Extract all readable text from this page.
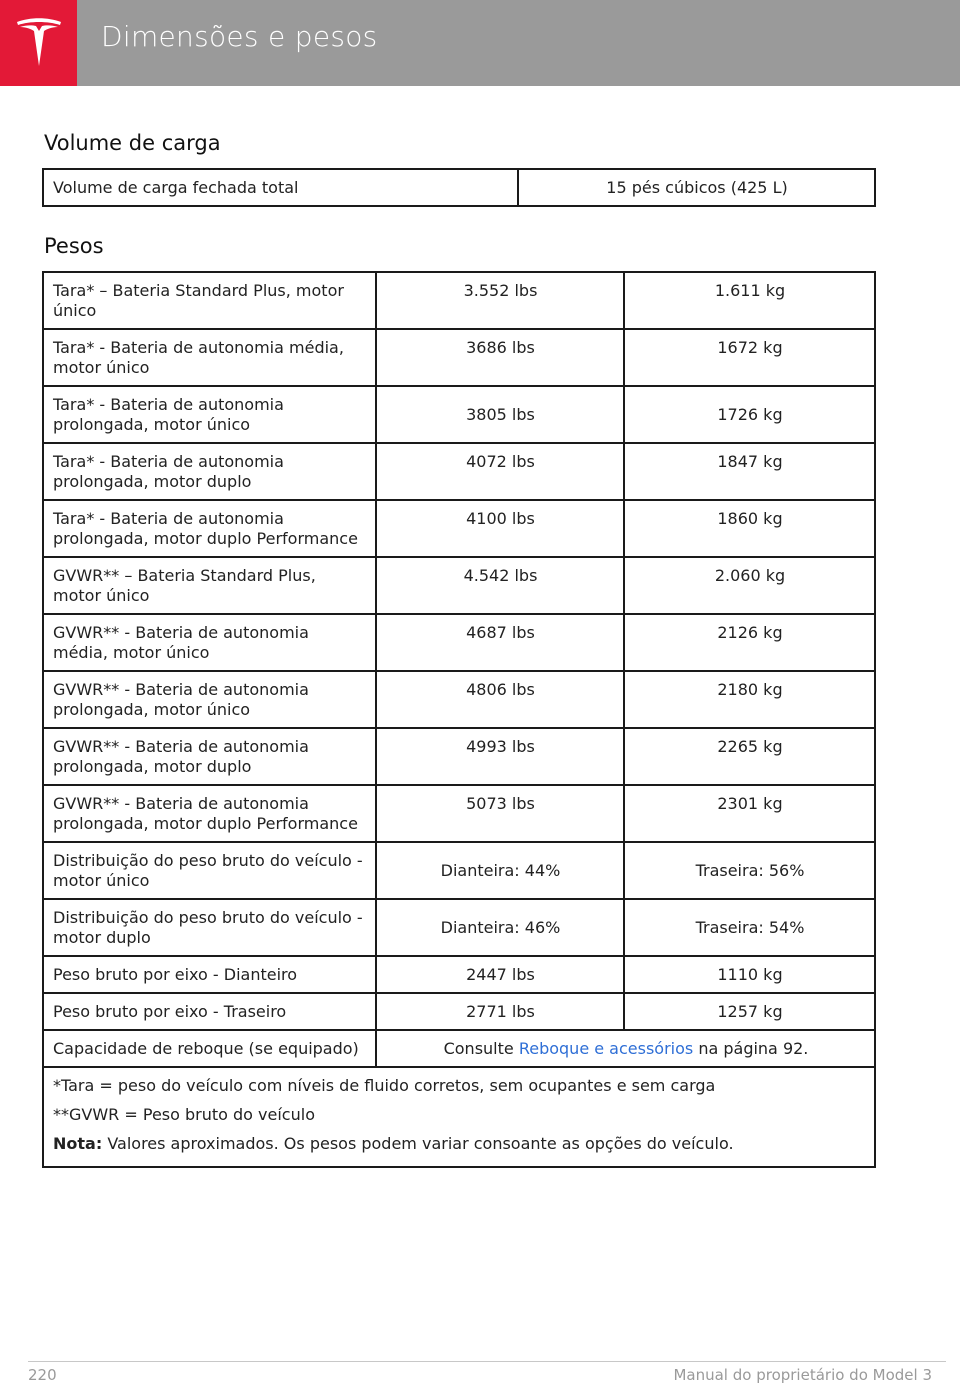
Dimensões e pesos
Volume de carga
Volume de carga fechada total	15 pés cúbicos (425 L)
Pesos
Tara* – Bateria Standard Plus, motor único	3.552 lbs	1.611 kg
Tara* - Bateria de autonomia média, motor único	3686 lbs	1672 kg
Tara* - Bateria de autonomia prolongada, motor único	3805 lbs	1726 kg
Tara* - Bateria de autonomia prolongada, motor duplo	4072 lbs	1847 kg
Tara* - Bateria de autonomia prolongada, motor duplo Performance	4100 lbs	1860 kg
GVWR** – Bateria Standard Plus, motor único	4.542 lbs	2.060 kg
GVWR** - Bateria de autonomia média, motor único	4687 lbs	2126 kg
GVWR** - Bateria de autonomia prolongada, motor único	4806 lbs	2180 kg
GVWR** - Bateria de autonomia prolongada, motor duplo	4993 lbs	2265 kg
GVWR** - Bateria de autonomia prolongada, motor duplo Performance	5073 lbs	2301 kg
Distribuição do peso bruto do veículo - motor único	Dianteira: 44%	Traseira: 56%
Distribuição do peso bruto do veículo - motor duplo	Dianteira: 46%	Traseira: 54%
Peso bruto por eixo - Dianteiro	2447 lbs	1110 kg
Peso bruto por eixo - Traseiro	2771 lbs	1257 kg
Capacidade de reboque (se equipado)	Consulte Reboque e acessórios na página 92.	

*Tara = peso do veículo com níveis de fluido corretos, sem ocupantes e sem carga

**GVWR = Peso bruto do veículo

Nota: Valores aproximados. Os pesos podem variar consoante as opções do veículo.		

220	Manual do proprietário do Model 3
